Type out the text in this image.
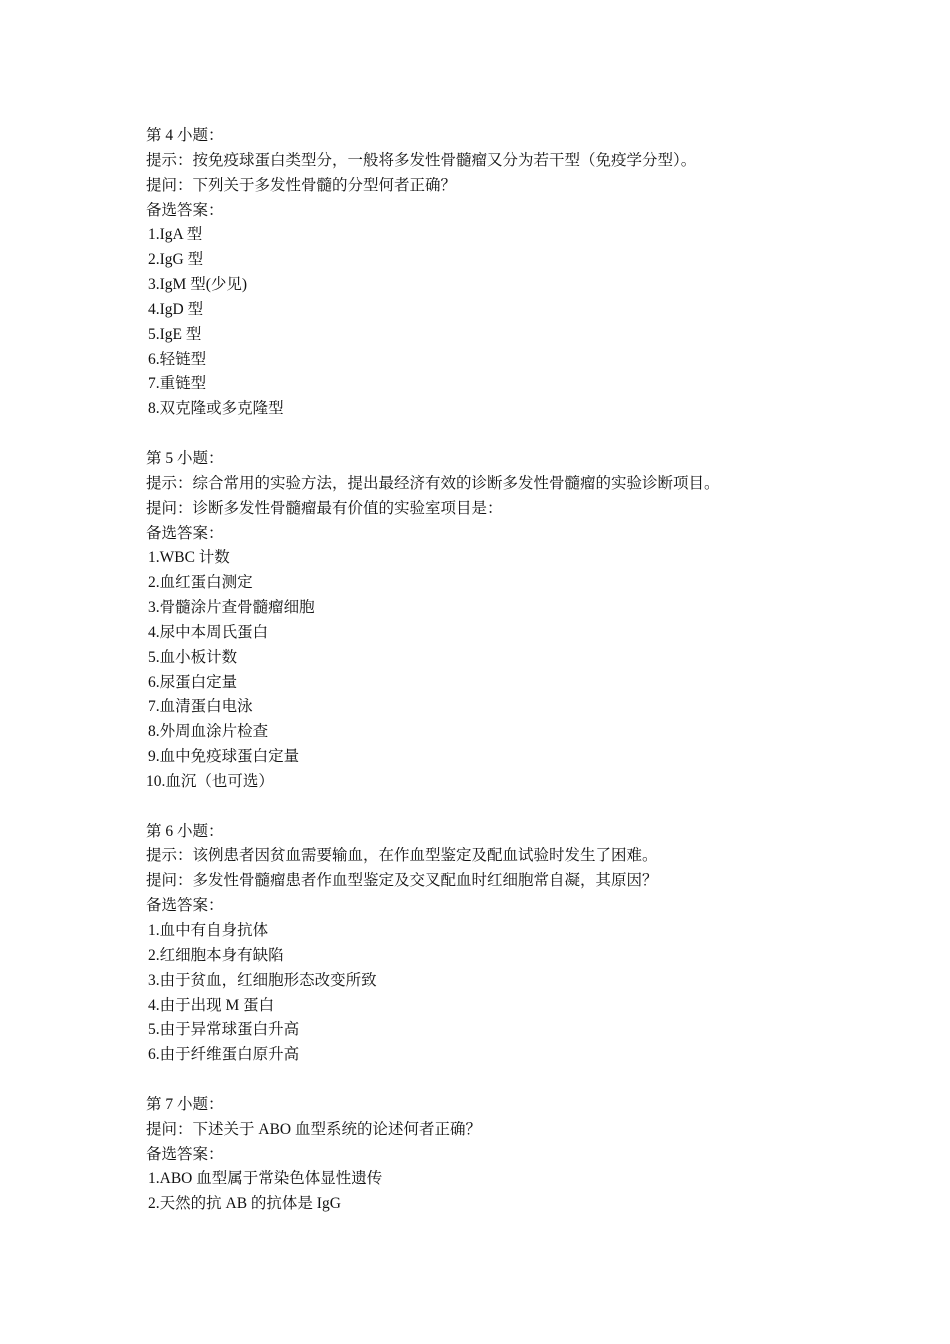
第 4 小题：
提示：按免疫球蛋白类型分，一般将多发性骨髓瘤又分为若干型（免疫学分型）。
提问：下列关于多发性骨髓的分型何者正确？
备选答案：
1.IgA 型
2.IgG 型
3.IgM 型(少见)
4.IgD 型
5.IgE 型
6.轻链型
7.重链型
8.双克隆或多克隆型
第 5 小题：
提示：综合常用的实验方法，提出最经济有效的诊断多发性骨髓瘤的实验诊断项目。
提问：诊断多发性骨髓瘤最有价值的实验室项目是：
备选答案：
1.WBC 计数
2.血红蛋白测定
3.骨髓涂片查骨髓瘤细胞
4.尿中本周氏蛋白
5.血小板计数
6.尿蛋白定量
7.血清蛋白电泳
8.外周血涂片检查
9.血中免疫球蛋白定量
10.血沉（也可选）
第 6 小题：
提示：该例患者因贫血需要输血，在作血型鉴定及配血试验时发生了困难。
提问：多发性骨髓瘤患者作血型鉴定及交叉配血时红细胞常自凝，其原因？
备选答案：
1.血中有自身抗体
2.红细胞本身有缺陷
3.由于贫血，红细胞形态改变所致
4.由于出现 M 蛋白
5.由于异常球蛋白升高
6.由于纤维蛋白原升高
第 7 小题：
提问：下述关于 ABO 血型系统的论述何者正确？
备选答案：
1.ABO 血型属于常染色体显性遗传
2.天然的抗 AB 的抗体是 IgG
